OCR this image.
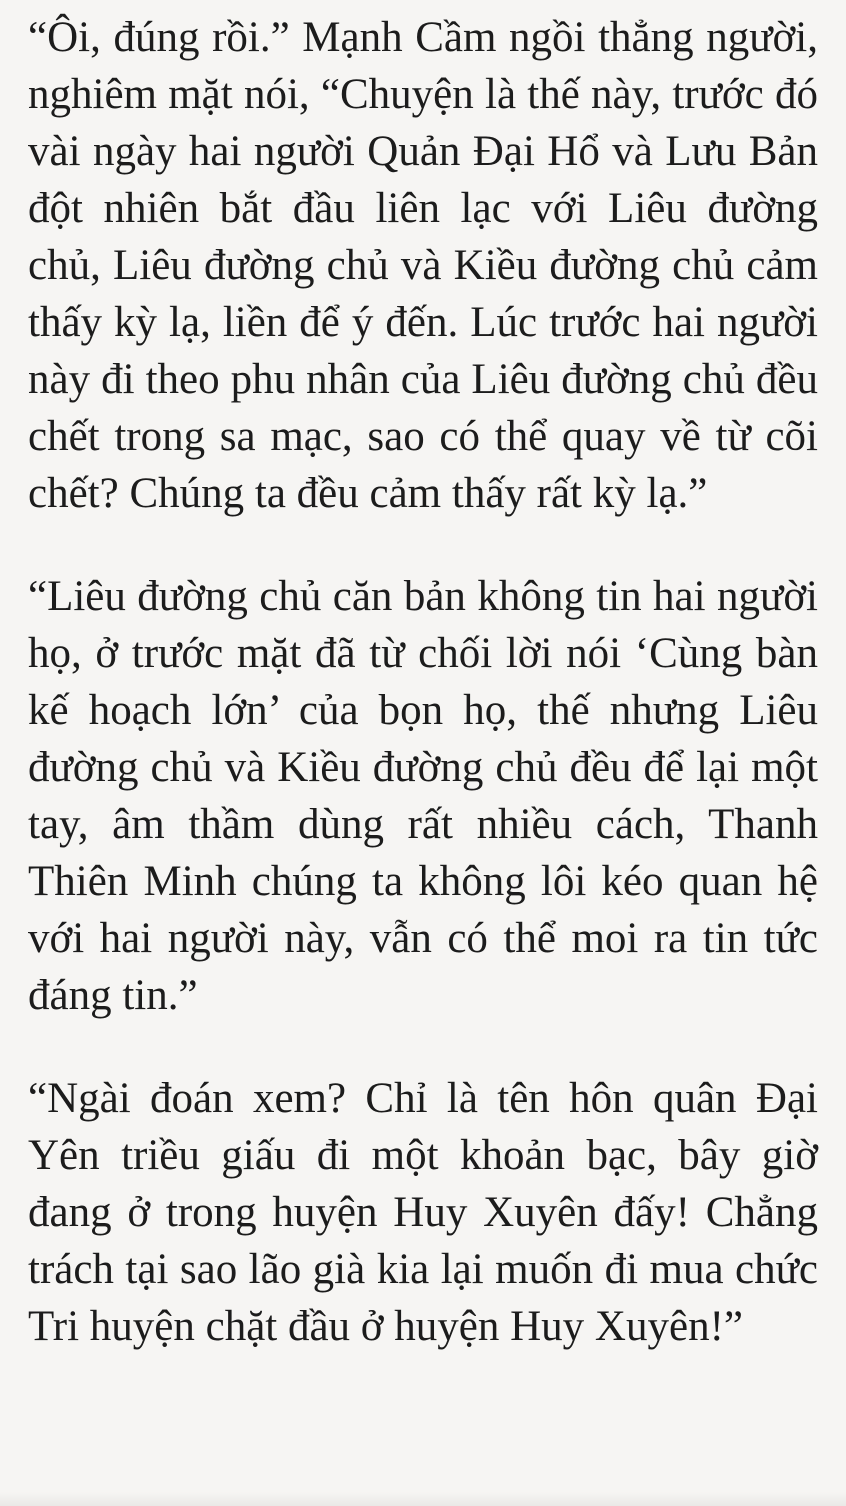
“Ôi, đúng rồi.” Mạnh Cầm ngồi thẳng người, nghiêm mặt nói, “Chuyện là thế này, trước đó vài ngày hai người Quản Đại Hổ và Lưu Bản đột nhiên bắt đầu liên lạc với Liêu đường chủ, Liêu đường chủ và Kiều đường chủ cảm thấy kỳ lạ, liền để ý đến. Lúc trước hai người này đi theo phu nhân của Liêu đường chủ đều chết trong sa mạc, sao có thể quay về từ cõi chết? Chúng ta đều cảm thấy rất kỳ lạ.”

“Liêu đường chủ căn bản không tin hai người họ, ở trước mặt đã từ chối lời nói ‘Cùng bàn kế hoạch lớn’ của bọn họ, thế nhưng Liêu đường chủ và Kiều đường chủ đều để lại một tay, âm thầm dùng rất nhiều cách, Thanh Thiên Minh chúng ta không lôi kéo quan hệ với hai người này, vẫn có thể moi ra tin tức đáng tin.”

“Ngài đoán xem? Chỉ là tên hôn quân Đại Yên triều giấu đi một khoản bạc, bây giờ đang ở trong huyện Huy Xuyên đấy! Chẳng trách tại sao lão già kia lại muốn đi mua chức Tri huyện chặt đầu ở huyện Huy Xuyên!”
